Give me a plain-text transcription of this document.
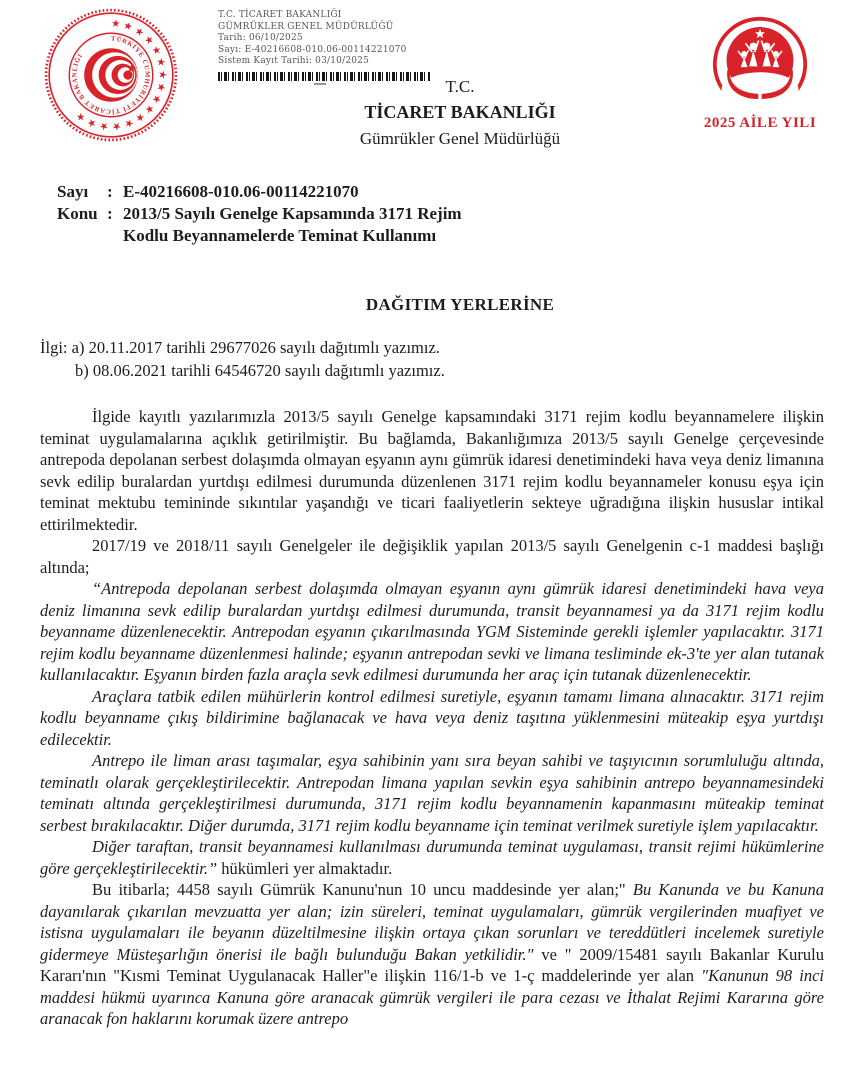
★ ★ ★ ★ ★ ★ ★ ★ ★ ★ ★ ★ ★ ★ ★ ★
TÜRKİYE CUMHURİYETİ TİCARET BAKANLIĞI
T.C. TİCARET BAKANLIĞI
GÜMRÜKLER GENEL MÜDÜRLÜĞÜ
Tarih: 06/10/2025
Sayı: E-40216608-010.06-00114221070
Sistem Kayıt Tarihi: 03/10/2025
T.C.
TİCARET BAKANLIĞI
Gümrükler Genel Müdürlüğü
2025 AİLE YILI
Sayı	: E-40216608-010.06-00114221070
Konu : 2013/5 Sayılı Genelge Kapsamında 3171 Rejim
Kodlu Beyannamelerde Teminat Kullanımı
DAĞITIM YERLERİNE
İlgi: a) 20.11.2017 tarihli 29677026 sayılı dağıtımlı yazımız.
b) 08.06.2021 tarihli 64546720 sayılı dağıtımlı yazımız.

İlgide kayıtlı yazılarımızla 2013/5 sayılı Genelge kapsamındaki 3171 rejim kodlu beyannamelere ilişkin teminat uygulamalarına açıklık getirilmiştir. Bu bağlamda, Bakanlığımıza 2013/5 sayılı Genelge çerçevesinde antrepoda depolanan serbest dolaşımda olmayan eşyanın aynı gümrük idaresi denetimindeki hava veya deniz limanına sevk edilip buralardan yurtdışı edilmesi durumunda düzenlenen 3171 rejim kodlu beyannameler konusu eşya için teminat mektubu temininde sıkıntılar yaşandığı ve ticari faaliyetlerin sekteye uğradığına ilişkin hususlar intikal ettirilmektedir.

2017/19 ve 2018/11 sayılı Genelgeler ile değişiklik yapılan 2013/5 sayılı Genelgenin c-1 maddesi başlığı altında;

“Antrepoda depolanan serbest dolaşımda olmayan eşyanın aynı gümrük idaresi denetimindeki hava veya deniz limanına sevk edilip buralardan yurtdışı edilmesi durumunda, transit beyannamesi ya da 3171 rejim kodlu beyanname düzenlenecektir. Antrepodan eşyanın çıkarılmasında YGM Sisteminde gerekli işlemler yapılacaktır. 3171 rejim kodlu beyanname düzenlenmesi halinde; eşyanın antrepodan sevki ve limana tesliminde ek-3'te yer alan tutanak kullanılacaktır. Eşyanın birden fazla araçla sevk edilmesi durumunda her araç için tutanak düzenlenecektir.

Araçlara tatbik edilen mühürlerin kontrol edilmesi suretiyle, eşyanın tamamı limana alınacaktır. 3171 rejim kodlu beyanname çıkış bildirimine bağlanacak ve hava veya deniz taşıtına yüklenmesini müteakip eşya yurtdışı edilecektir.

Antrepo ile liman arası taşımalar, eşya sahibinin yanı sıra beyan sahibi ve taşıyıcının sorumluluğu altında, teminatlı olarak gerçekleştirilecektir. Antrepodan limana yapılan sevkin eşya sahibinin antrepo beyannamesindeki teminatı altında gerçekleştirilmesi durumunda, 3171 rejim kodlu beyannamenin kapanmasını müteakip teminat serbest bırakılacaktır. Diğer durumda, 3171 rejim kodlu beyanname için teminat verilmek suretiyle işlem yapılacaktır.

Diğer taraftan, transit beyannamesi kullanılması durumunda teminat uygulaması, transit rejimi hükümlerine göre gerçekleştirilecektir.” hükümleri yer almaktadır.

Bu itibarla; 4458 sayılı Gümrük Kanunu'nun 10 uncu maddesinde yer alan;" Bu Kanunda ve bu Kanuna dayanılarak çıkarılan mevzuatta yer alan; izin süreleri, teminat uygulamaları, gümrük vergilerinden muafiyet ve istisna uygulamaları ile beyanın düzeltilmesine ilişkin ortaya çıkan sorunları ve tereddütleri incelemek suretiyle gidermeye Müsteşarlığın önerisi ile bağlı bulunduğu Bakan yetkilidir." ve " 2009/15481 sayılı Bakanlar Kurulu Kararı'nın "Kısmi Teminat Uygulanacak Haller"e ilişkin 116/1-b ve 1-ç maddelerinde yer alan "Kanunun 98 inci maddesi hükmü uyarınca Kanuna göre aranacak gümrük vergileri ile para cezası ve İthalat Rejimi Kararına göre aranacak fon haklarını korumak üzere antrepo
